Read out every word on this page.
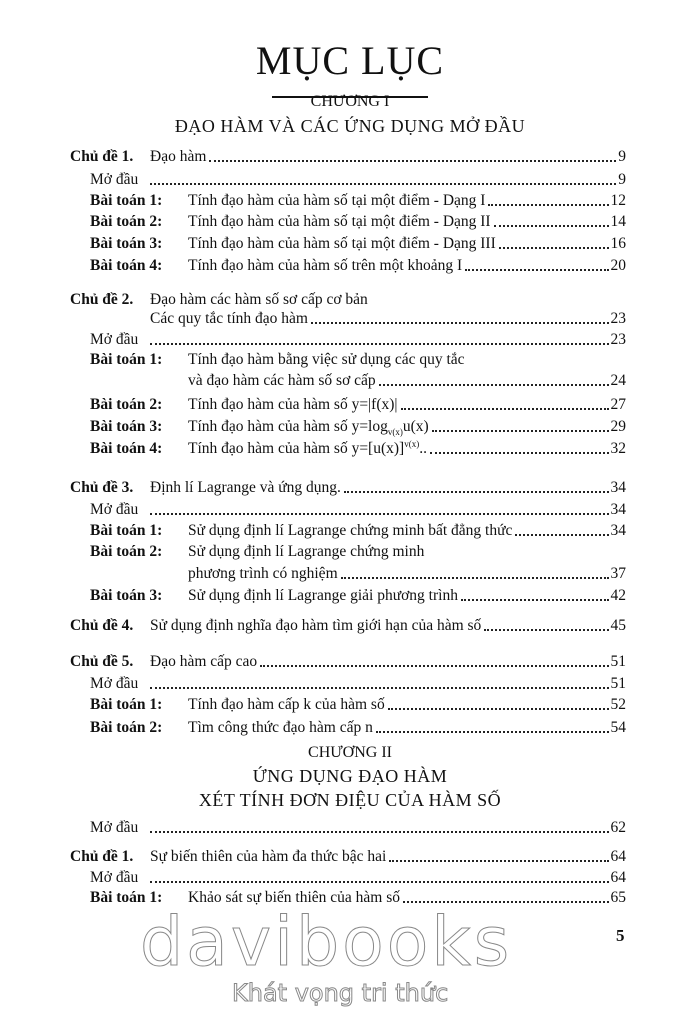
MỤC LỤC
CHƯƠNG I
ĐẠO HÀM VÀ CÁC ỨNG DỤNG MỞ ĐẦU
CHƯƠNG II
ỨNG DỤNG ĐẠO HÀM
XÉT TÍNH ĐƠN ĐIỆU CỦA HÀM SỐ
Chủ đề 1.	Đạo hàm	9
Mở đầu	9
Bài toán 1:	Tính đạo hàm của hàm số tại một điểm - Dạng I	12
Bài toán 2:	Tính đạo hàm của hàm số tại một điểm - Dạng II	14
Bài toán 3:	Tính đạo hàm của hàm số tại một điểm - Dạng III	16
Bài toán 4:	Tính đạo hàm của hàm số trên một khoảng I	20
Chủ đề 2.	Đạo hàm các hàm số sơ cấp cơ bản
Các quy tắc tính đạo hàm	23
Mở đầu	23
Bài toán 1:	Tính đạo hàm bằng việc sử dụng các quy tắc
và đạo hàm các hàm số sơ cấp	24
Bài toán 2:	Tính đạo hàm của hàm số y=|f(x)|	27
Bài toán 3:	Tính đạo hàm của hàm số $y=\log_{v(x)}u(x)$	29
Bài toán 4:	Tính đạo hàm của hàm số $y=[u(x)]^{v(x)}$..	32
Chủ đề 3.	Định lí Lagrange và ứng dụng.	34
Mở đầu	34
Bài toán 1:	Sử dụng định lí Lagrange chứng minh bất đẳng thức	34
Bài toán 2:	Sử dụng định lí Lagrange chứng minh
phương trình có nghiệm	37
Bài toán 3:	Sử dụng định lí Lagrange giải phương trình	42
Chủ đề 4.	Sử dụng định nghĩa đạo hàm tìm giới hạn của hàm số	45
Chủ đề 5.	Đạo hàm cấp cao	51
Mở đầu	51
Bài toán 1:	Tính đạo hàm cấp k của hàm số	52
Bài toán 2:	Tìm công thức đạo hàm cấp n	54
Mở đầu	62
Chủ đề 1.	Sự biến thiên của hàm đa thức bậc hai	64
Mở đầu	64
Bài toán 1:	Khảo sát sự biến thiên của hàm số	65
5
davibooks
Khát vọng tri thức
